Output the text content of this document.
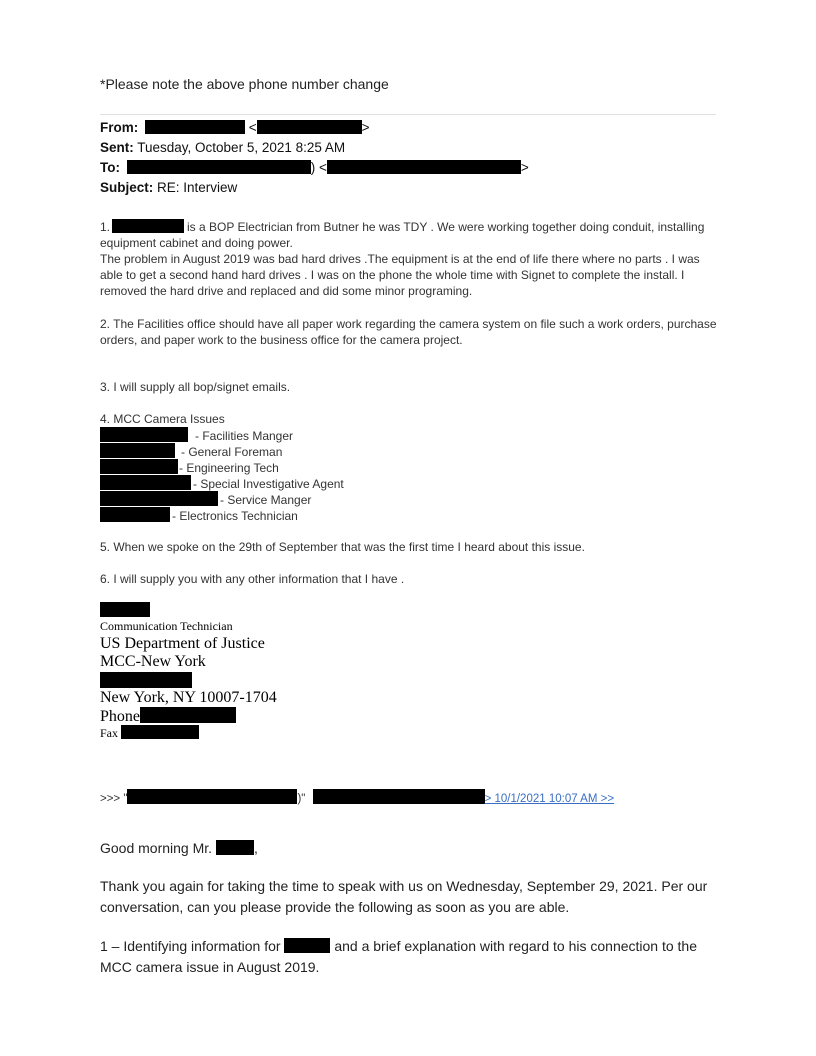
*Please note the above phone number change
From:	<	>
Sent: Tuesday, October 5, 2021 8:25 AM
To:	) <	>
Subject: RE: Interview
1.	is a BOP Electrician from Butner he was TDY . We were working together doing conduit, installing equipment cabinet and doing power.
The problem in August 2019 was bad hard drives .The equipment is at the end of life there where no parts . I was able to get a second hand hard drives . I was on the phone the whole time with Signet to complete the install. I removed the hard drive and replaced and did some minor programing.
2. The Facilities office should have all paper work regarding the camera system on file such a work orders, purchase orders, and paper work to the business office for the camera project.
3. I will supply all bop/signet emails.
4. MCC Camera Issues
- Facilities Manger
- General Foreman
- Engineering Tech
- Special Investigative Agent
- Service Manger
- Electronics Technician
5. When we spoke on the 29th of September that was the first time I heard about this issue.
6. I will supply you with any other information that I have .
Communication Technician
US Department of Justice
MCC-New York
New York, NY 10007-1704
Phone
Fax
>>> "	)"	> 10/1/2021 10:07 AM >>
Good morning Mr.	,
Thank you again for taking the time to speak with us on Wednesday, September 29, 2021. Per our conversation, can you please provide the following as soon as you are able.
1 – Identifying information for	and a brief explanation with regard to his connection to the MCC camera issue in August 2019.
